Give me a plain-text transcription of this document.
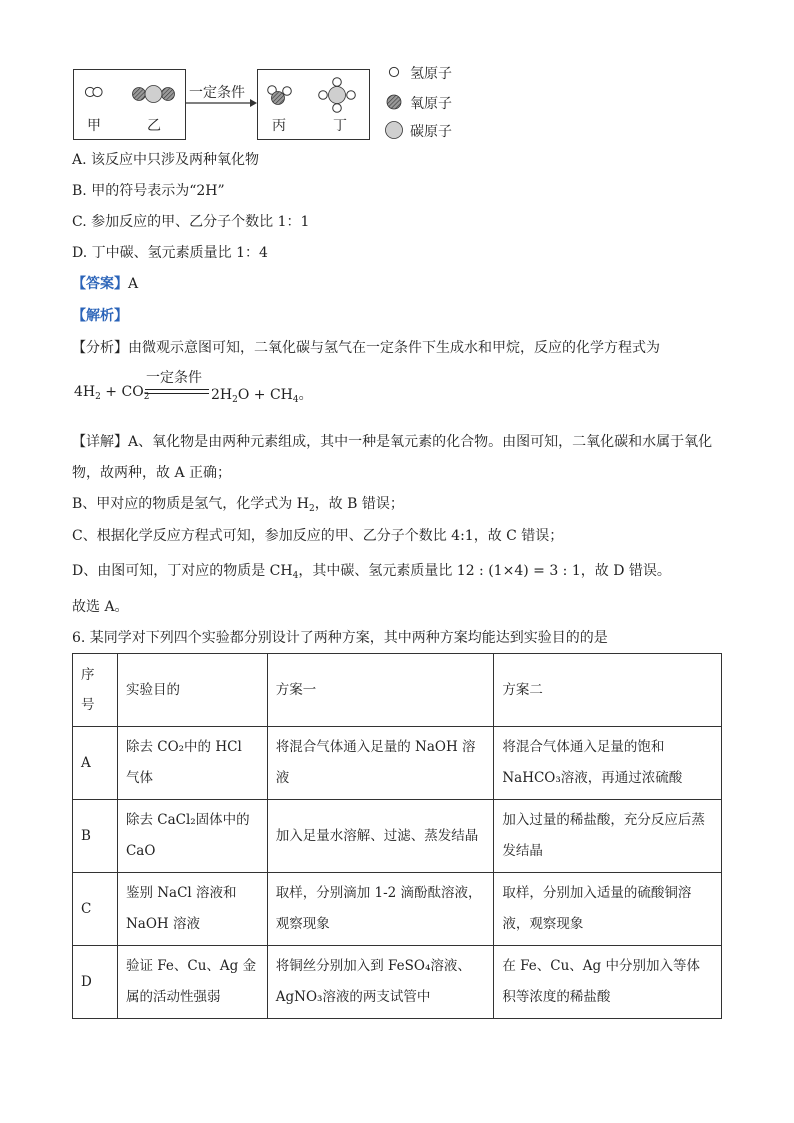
甲	乙
一定条件
丙	丁
氢原子
氧原子
碳原子
A. 该反应中只涉及两种氧化物
B. 甲的符号表示为“2H”
C. 参加反应的甲、乙分子个数比 1：1
D. 丁中碳、氢元素质量比 1：4
【答案】A
【解析】
【分析】由微观示意图可知，二氧化碳与氢气在一定条件下生成水和甲烷，反应的化学方程式为
$4H_2 + CO_2$
一定条件
$2H_2O + CH_4$。
【详解】A、氧化物是由两种元素组成，其中一种是氧元素的化合物。由图可知，二氧化碳和水属于氧化
物，故两种，故 A 正确；
B、甲对应的物质是氢气，化学式为 $H_2$，故 B 错误；
C、根据化学反应方程式可知，参加反应的甲、乙分子个数比 4:1，故 C 错误；
D、由图可知，丁对应的物质是 $CH_4$，其中碳、氢元素质量比 12 : (1×4) = 3 : 1，故 D 错误。
故选 A。
6. 某同学对下列四个实验都分别设计了两种方案，其中两种方案均能达到实验目的的是
序号	实验目的	方案一	方案二
A	除去 CO₂中的 HCl 气体	将混合气体通入足量的 NaOH 溶液	将混合气体通入足量的饱和 NaHCO₃溶液，再通过浓硫酸
B	除去 CaCl₂固体中的 CaO	加入足量水溶解、过滤、蒸发结晶	加入过量的稀盐酸，充分反应后蒸发结晶
C	鉴别 NaCl 溶液和 NaOH 溶液	取样，分别滴加 1-2 滴酚酞溶液，观察现象	取样，分别加入适量的硫酸铜溶液，观察现象
D	验证 Fe、Cu、Ag 金属的活动性强弱	将铜丝分别加入到 FeSO₄溶液、AgNO₃溶液的两支试管中	在 Fe、Cu、Ag 中分别加入等体积等浓度的稀盐酸
